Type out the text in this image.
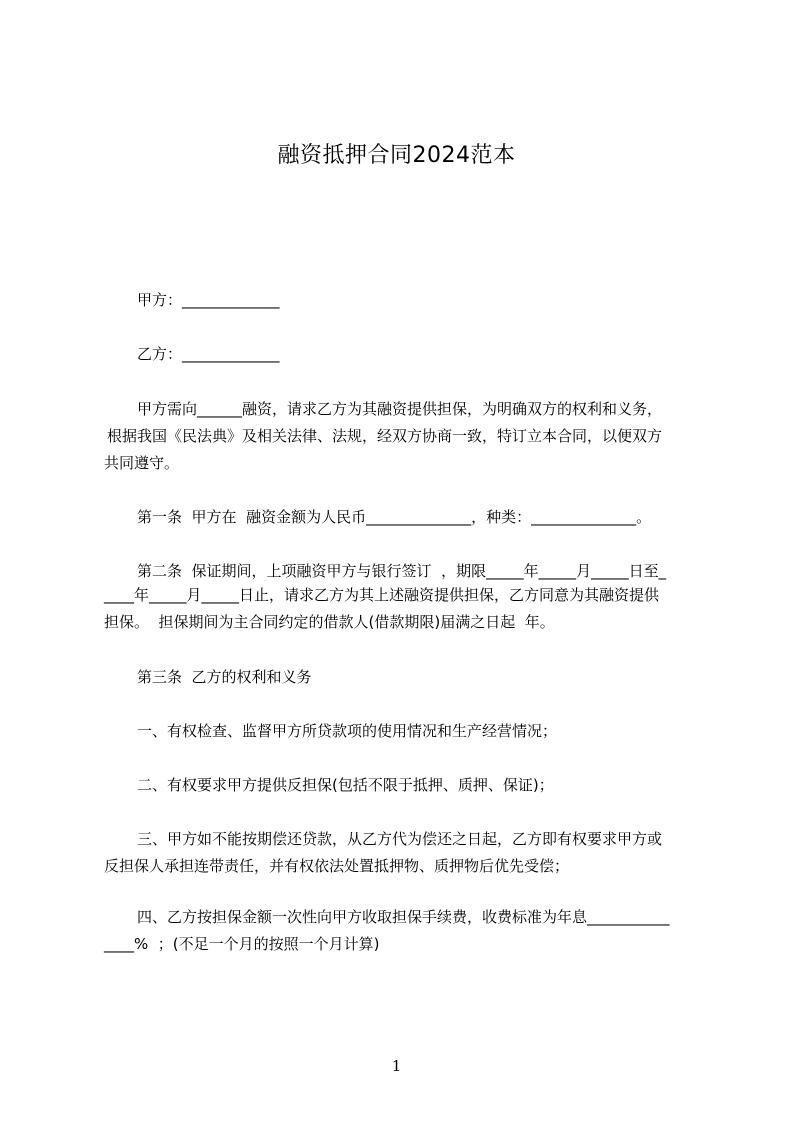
融资抵押合同2024范本
甲方：_____________
乙方：_____________
甲方需向______融资，请求乙方为其融资提供担保，为明确双方的权利和义务，
根据我国《民法典》及相关法律、法规，经双方协商一致，特订立本合同，以便双方
共同遵守。
第一条  甲方在  融资金额为人民币______________，种类：______________。
第二条  保证期间，上项融资甲方与银行签订  ，期限_____年_____月_____日至_
____年_____月_____日止，请求乙方为其上述融资提供担保，乙方同意为其融资提供
担保。  担保期间为主合同约定的借款人(借款期限)届满之日起  年。
第三条  乙方的权利和义务
一、有权检查、监督甲方所贷款项的使用情况和生产经营情况；
二、有权要求甲方提供反担保(包括不限于抵押、质押、保证)；
三、甲方如不能按期偿还贷款，从乙方代为偿还之日起，乙方即有权要求甲方或
反担保人承担连带责任，并有权依法处置抵押物、质押物后优先受偿；
四、乙方按担保金额一次性向甲方收取担保手续费，收费标准为年息___________
____%  ；(不足一个月的按照一个月计算)
1
